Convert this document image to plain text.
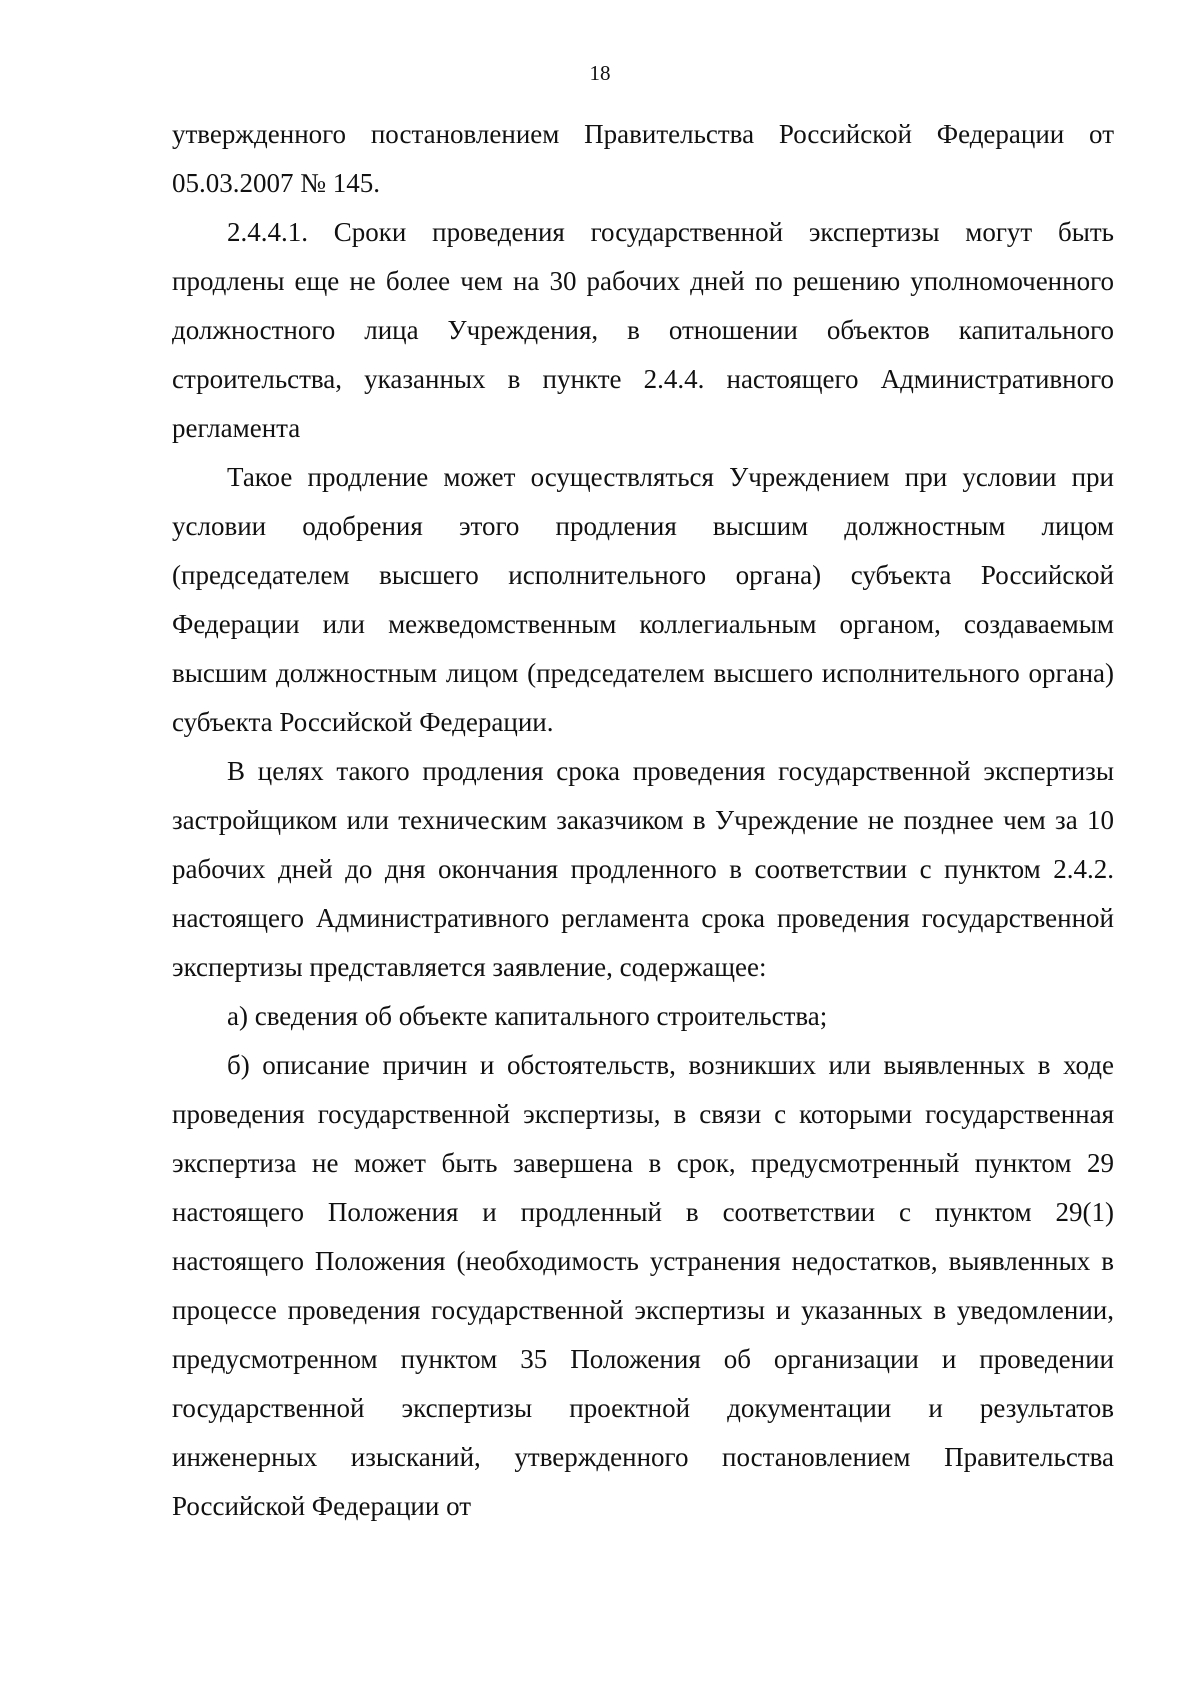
18

утвержденного постановлением Правительства Российской Федерации от 05.03.2007 № 145.

2.4.4.1. Сроки проведения государственной экспертизы могут быть продлены еще не более чем на 30 рабочих дней по решению уполномоченного должностного лица Учреждения, в отношении объектов капитального строительства, указанных в пункте 2.4.4. настоящего Административного регламента

Такое продление может осуществляться Учреждением при условии при условии одобрения этого продления высшим должностным лицом (председателем высшего исполнительного органа) субъекта Российской Федерации или межведомственным коллегиальным органом, создаваемым высшим должностным лицом (председателем высшего исполнительного органа) субъекта Российской Федерации.

В целях такого продления срока проведения государственной экспертизы застройщиком или техническим заказчиком в Учреждение не позднее чем за 10 рабочих дней до дня окончания продленного в соответствии с пунктом 2.4.2. настоящего Административного регламента срока проведения государственной экспертизы представляется заявление, содержащее:

а) сведения об объекте капитального строительства;

б) описание причин и обстоятельств, возникших или выявленных в ходе проведения государственной экспертизы, в связи с которыми государственная экспертиза не может быть завершена в срок, предусмотренный пунктом 29 настоящего Положения и продленный в соответствии с пунктом 29(1) настоящего Положения (необходимость устранения недостатков, выявленных в процессе проведения государственной экспертизы и указанных в уведомлении, предусмотренном пунктом 35 Положения об организации и проведении государственной экспертизы проектной документации и результатов инженерных изысканий, утвержденного постановлением Правительства Российской Федерации от
